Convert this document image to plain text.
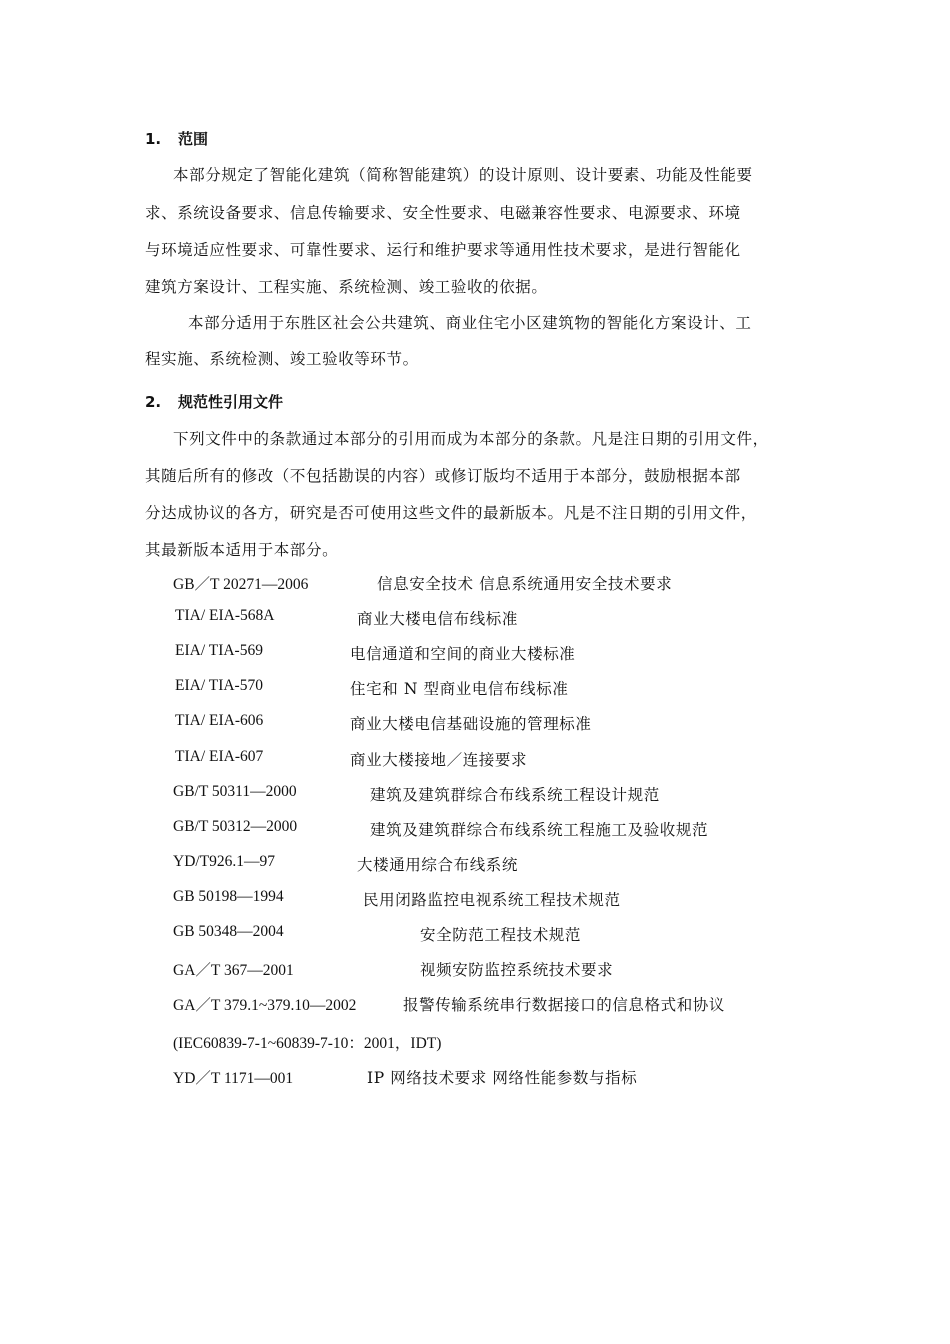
1. 范围
本部分规定了智能化建筑（简称智能建筑）的设计原则、设计要素、功能及性能要
求、系统设备要求、信息传输要求、安全性要求、电磁兼容性要求、电源要求、环境
与环境适应性要求、可靠性要求、运行和维护要求等通用性技术要求，是进行智能化
建筑方案设计、工程实施、系统检测、竣工验收的依据。
本部分适用于东胜区社会公共建筑、商业住宅小区建筑物的智能化方案设计、工
程实施、系统检测、竣工验收等环节。
2. 规范性引用文件
下列文件中的条款通过本部分的引用而成为本部分的条款。凡是注日期的引用文件，
其随后所有的修改（不包括勘误的内容）或修订版均不适用于本部分，鼓励根据本部
分达成协议的各方，研究是否可使用这些文件的最新版本。凡是不注日期的引用文件，
其最新版本适用于本部分。
GB／T 20271—2006	信息安全技术 信息系统通用安全技术要求
TIA/ EIA-568A	商业大楼电信布线标准
EIA/ TIA-569	电信通道和空间的商业大楼标准
EIA/ TIA-570	住宅和 N 型商业电信布线标准
TIA/ EIA-606	商业大楼电信基础设施的管理标准
TIA/ EIA-607	商业大楼接地／连接要求
GB/T 50311—2000	建筑及建筑群综合布线系统工程设计规范
GB/T 50312—2000	建筑及建筑群综合布线系统工程施工及验收规范
YD/T926.1—97	大楼通用综合布线系统
GB 50198—1994	民用闭路监控电视系统工程技术规范
GB 50348—2004	安全防范工程技术规范
GA／T 367—2001	视频安防监控系统技术要求
GA／T 379.1~379.10—2002	报警传输系统串行数据接口的信息格式和协议
(IEC60839-7-1~60839-7-10：2001，IDT)
YD／T 1171—001	IP 网络技术要求 网络性能参数与指标
